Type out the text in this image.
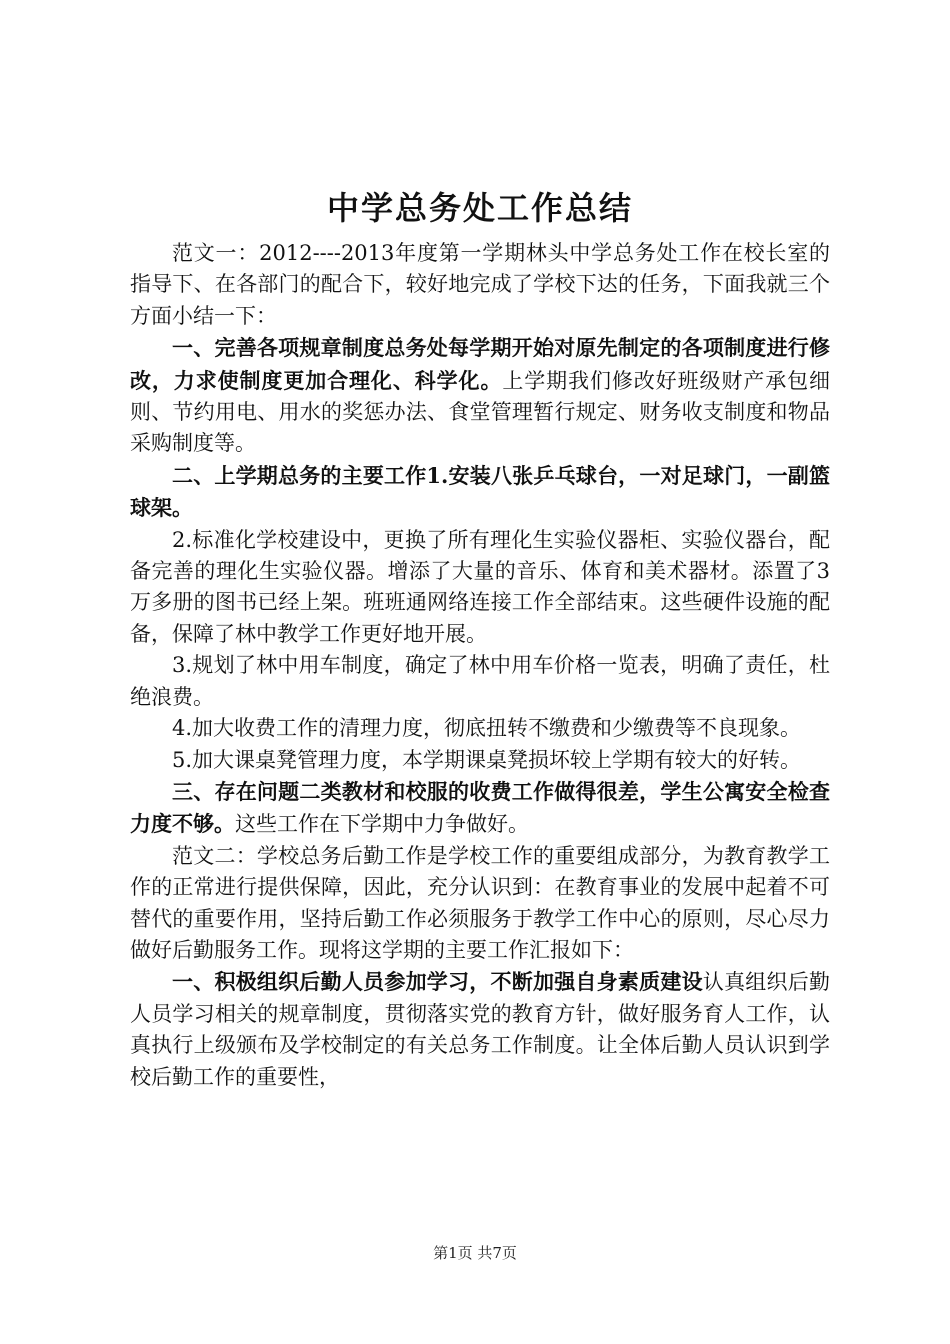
中学总务处工作总结

范文一：2012----2013年度第一学期林头中学总务处工作在校长室的指导下、在各部门的配合下，较好地完成了学校下达的任务，下面我就三个方面小结一下：

一、完善各项规章制度总务处每学期开始对原先制定的各项制度进行修改，力求使制度更加合理化、科学化。上学期我们修改好班级财产承包细则、节约用电、用水的奖惩办法、食堂管理暂行规定、财务收支制度和物品采购制度等。

二、上学期总务的主要工作1.安装八张乒乓球台，一对足球门，一副篮球架。

2.标准化学校建设中，更换了所有理化生实验仪器柜、实验仪器台，配备完善的理化生实验仪器。增添了大量的音乐、体育和美术器材。添置了3万多册的图书已经上架。班班通网络连接工作全部结束。这些硬件设施的配备，保障了林中教学工作更好地开展。

3.规划了林中用车制度，确定了林中用车价格一览表，明确了责任，杜绝浪费。

4.加大收费工作的清理力度，彻底扭转不缴费和少缴费等不良现象。

5.加大课桌凳管理力度，本学期课桌凳损坏较上学期有较大的好转。

三、存在问题二类教材和校服的收费工作做得很差，学生公寓安全检查力度不够。这些工作在下学期中力争做好。

范文二：学校总务后勤工作是学校工作的重要组成部分，为教育教学工作的正常进行提供保障，因此，充分认识到：在教育事业的发展中起着不可替代的重要作用，坚持后勤工作必须服务于教学工作中心的原则，尽心尽力做好后勤服务工作。现将这学期的主要工作汇报如下：

一、积极组织后勤人员参加学习，不断加强自身素质建设认真组织后勤人员学习相关的规章制度，贯彻落实党的教育方针，做好服务育人工作，认真执行上级颁布及学校制定的有关总务工作制度。让全体后勤人员认识到学校后勤工作的重要性，

第1页 共7页
